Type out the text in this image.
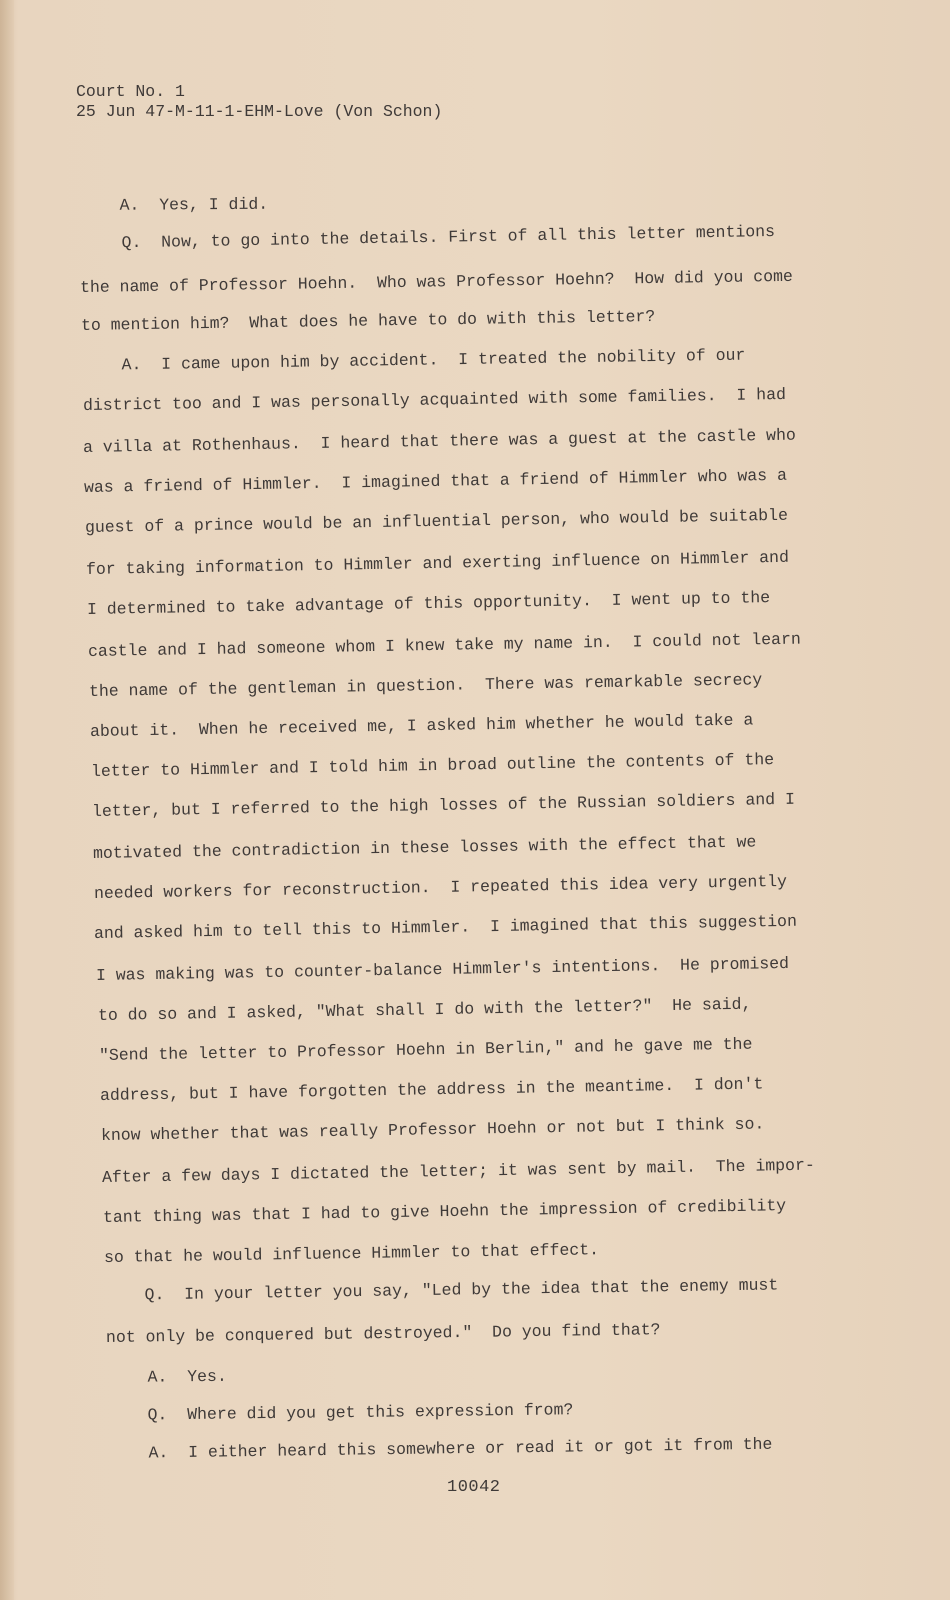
Court No. 1
25 Jun 47-M-11-1-EHM-Love (Von Schon)
A.  Yes, I did.
Q.  Now, to go into the details. First of all this letter mentions
the name of Professor Hoehn.  Who was Professor Hoehn?  How did you come
to mention him?  What does he have to do with this letter?
A.  I came upon him by accident.  I treated the nobility of our
district too and I was personally acquainted with some families.  I had
a villa at Rothenhaus.  I heard that there was a guest at the castle who
was a friend of Himmler.  I imagined that a friend of Himmler who was a
guest of a prince would be an influential person, who would be suitable
for taking information to Himmler and exerting influence on Himmler and
I determined to take advantage of this opportunity.  I went up to the
castle and I had someone whom I knew take my name in.  I could not learn
the name of the gentleman in question.  There was remarkable secrecy
about it.  When he received me, I asked him whether he would take a
letter to Himmler and I told him in broad outline the contents of the
letter, but I referred to the high losses of the Russian soldiers and I
motivated the contradiction in these losses with the effect that we
needed workers for reconstruction.  I repeated this idea very urgently
and asked him to tell this to Himmler.  I imagined that this suggestion
I was making was to counter-balance Himmler's intentions.  He promised
to do so and I asked, "What shall I do with the letter?"  He said,
"Send the letter to Professor Hoehn in Berlin," and he gave me the
address, but I have forgotten the address in the meantime.  I don't
know whether that was really Professor Hoehn or not but I think so.
After a few days I dictated the letter; it was sent by mail.  The impor-
tant thing was that I had to give Hoehn the impression of credibility
so that he would influence Himmler to that effect.
Q.  In your letter you say, "Led by the idea that the enemy must
not only be conquered but destroyed."  Do you find that?
A.  Yes.
Q.  Where did you get this expression from?
A.  I either heard this somewhere or read it or got it from the
10042
